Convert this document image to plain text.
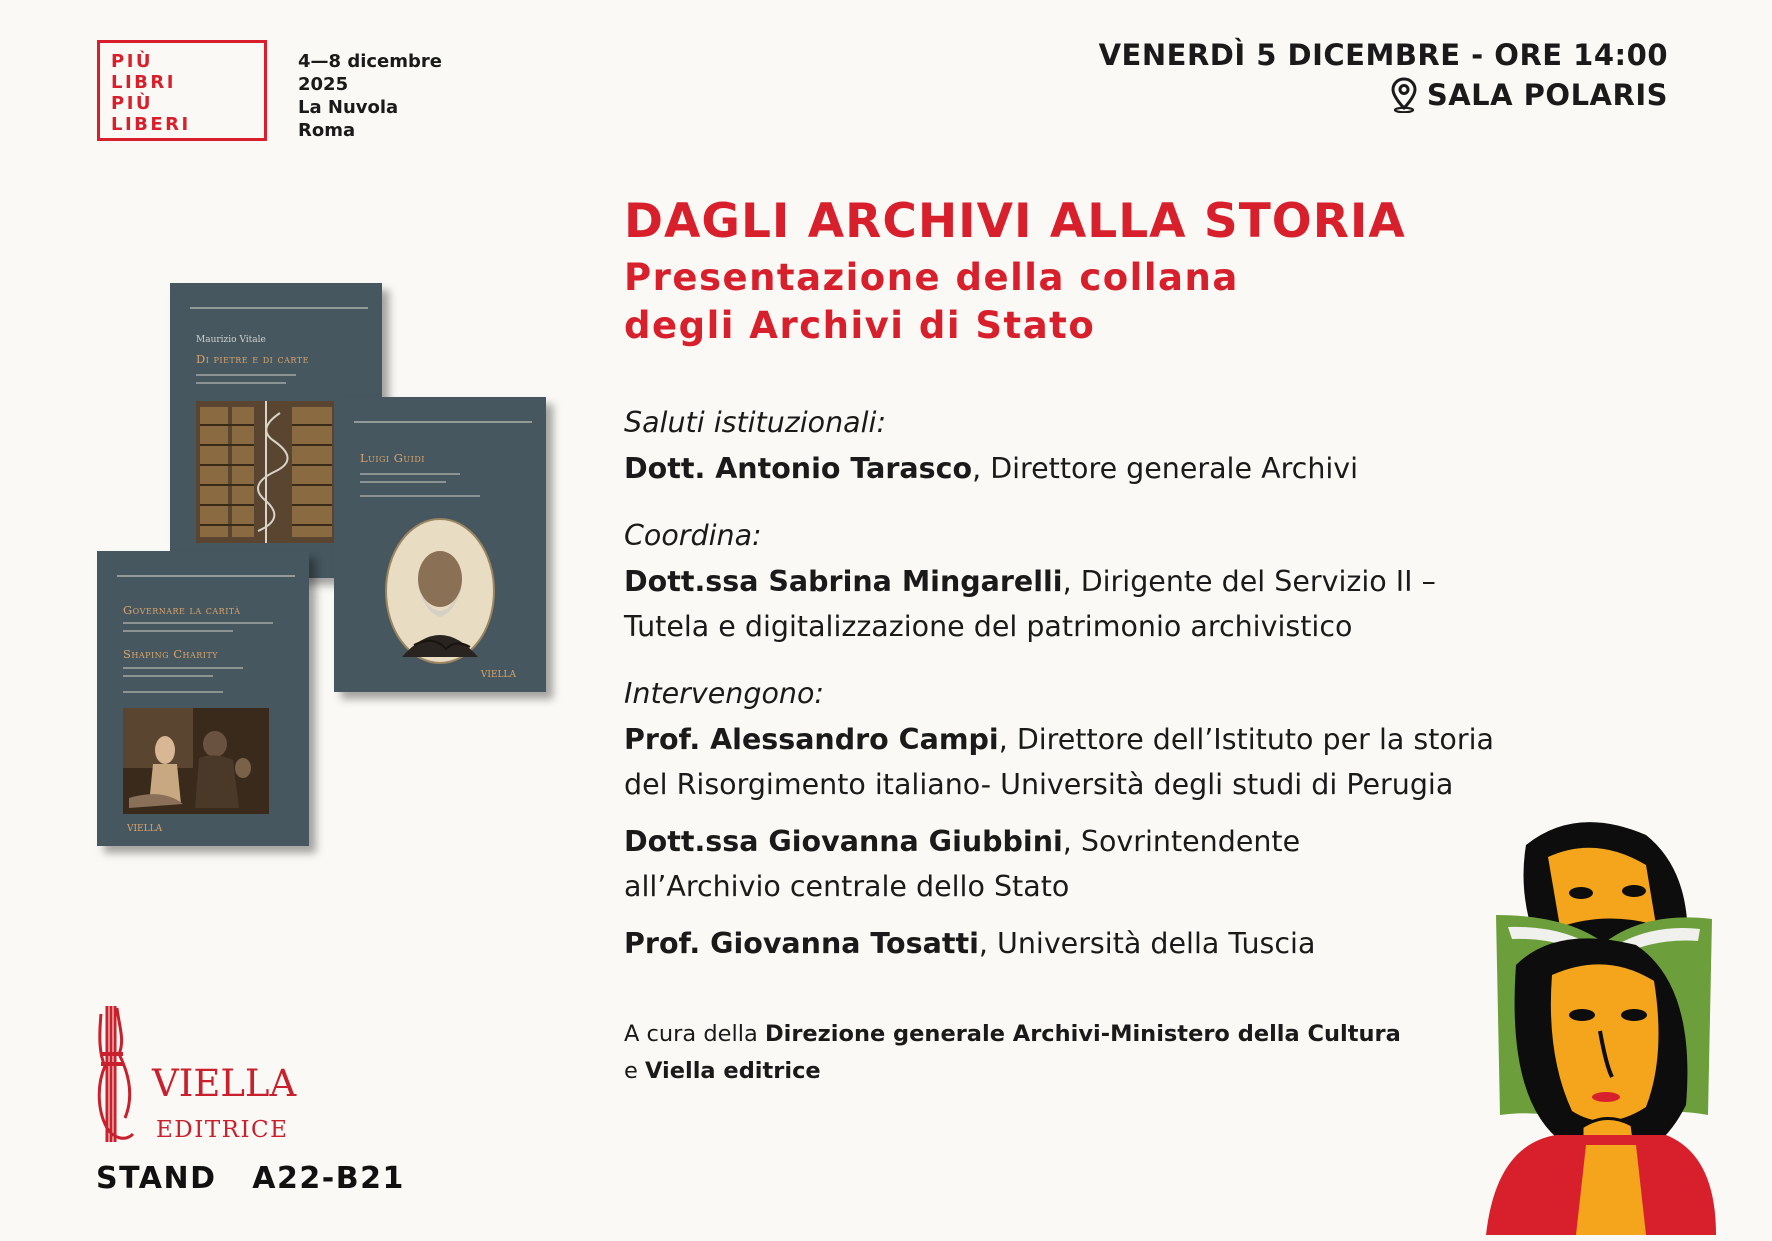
PIÙ
LIBRI
PIÙ
LIBERI
4—8 dicembre
2025
La Nuvola
Roma
VENERDÌ 5 DICEMBRE - ORE 14:00
SALA POLARIS
DAGLI ARCHIVI ALLA STORIA
Presentazione della collana
degli Archivi di Stato
Saluti istituzionali:
Dott. Antonio Tarasco, Direttore generale Archivi
Coordina:
Dott.ssa Sabrina Mingarelli, Dirigente del Servizio II –
Tutela e digitalizzazione del patrimonio archivistico
Intervengono:
Prof. Alessandro Campi, Direttore dell’Istituto per la storia
del Risorgimento italiano- Università degli studi di Perugia
Dott.ssa Giovanna Giubbini, Sovrintendente
all’Archivio centrale dello Stato
Prof. Giovanna Tosatti, Università della Tuscia
A cura della Direzione generale Archivi-Ministero della Cultura
e Viella editrice
Maurizio Vitale
Di pietre e di carte
Luigi Guidi
VIELLA
Governare la carità
Shaping Charity
VIELLA
VIELLA
EDITRICE
STAND   A22-B21
